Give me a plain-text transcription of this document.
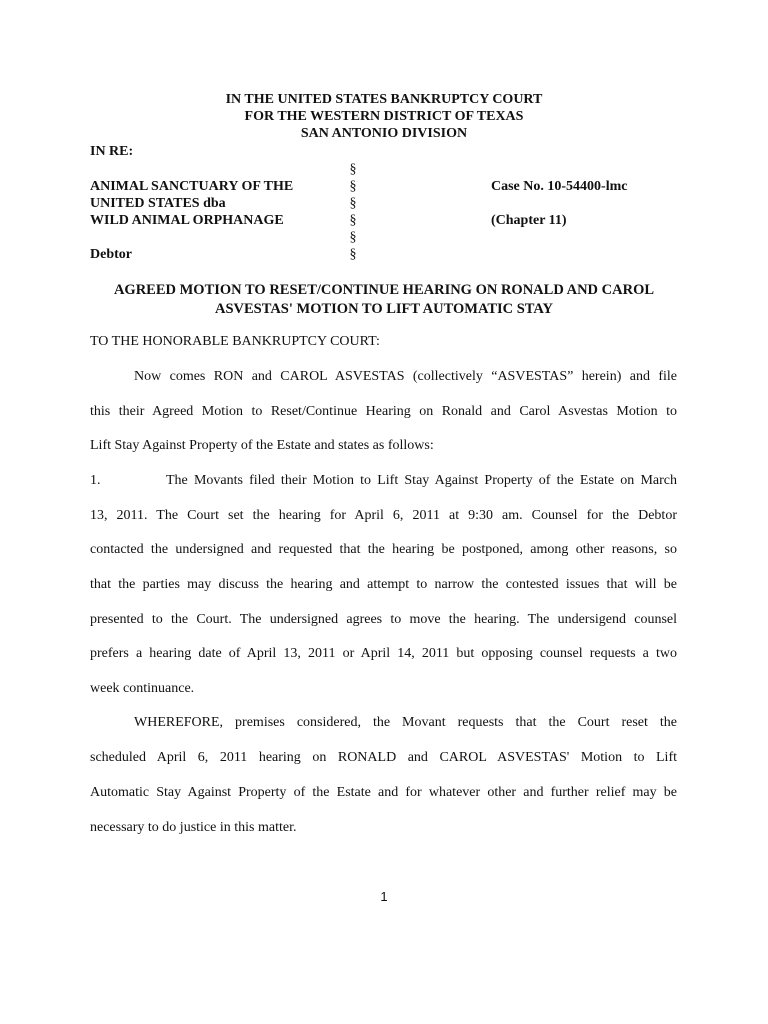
IN THE UNITED STATES BANKRUPTCY COURT
FOR THE WESTERN DISTRICT OF TEXAS
SAN ANTONIO DIVISION
IN RE:
§
§
§
§
§
§
ANIMAL SANCTUARY OF THE
UNITED STATES dba
WILD ANIMAL ORPHANAGE
Debtor
Case No. 10-54400-lmc
(Chapter 11)
AGREED MOTION TO RESET/CONTINUE HEARING ON RONALD AND CAROL
ASVESTAS' MOTION TO LIFT AUTOMATIC STAY
TO THE HONORABLE BANKRUPTCY COURT:
Now comes RON and CAROL ASVESTAS (collectively “ASVESTAS” herein) and file
this their Agreed Motion to Reset/Continue Hearing on Ronald and Carol Asvestas Motion to
Lift Stay Against Property of the Estate and states as follows:
1.	The Movants filed their Motion to Lift Stay Against Property of the Estate on March
13, 2011. The Court set the hearing for April 6, 2011 at 9:30 am. Counsel for the Debtor
contacted the undersigned and requested that the hearing be postponed, among other reasons, so
that the parties may discuss the hearing and attempt to narrow the contested issues that will be
presented to the Court. The undersigned agrees to move the hearing. The undersigend counsel
prefers a hearing date of April 13, 2011 or April 14, 2011 but opposing counsel requests a two
week continuance.
WHEREFORE, premises considered, the Movant requests that the Court reset the
scheduled April 6, 2011 hearing on RONALD and CAROL ASVESTAS' Motion to Lift
Automatic Stay Against Property of the Estate and for whatever other and further relief may be
necessary to do justice in this matter.
1
